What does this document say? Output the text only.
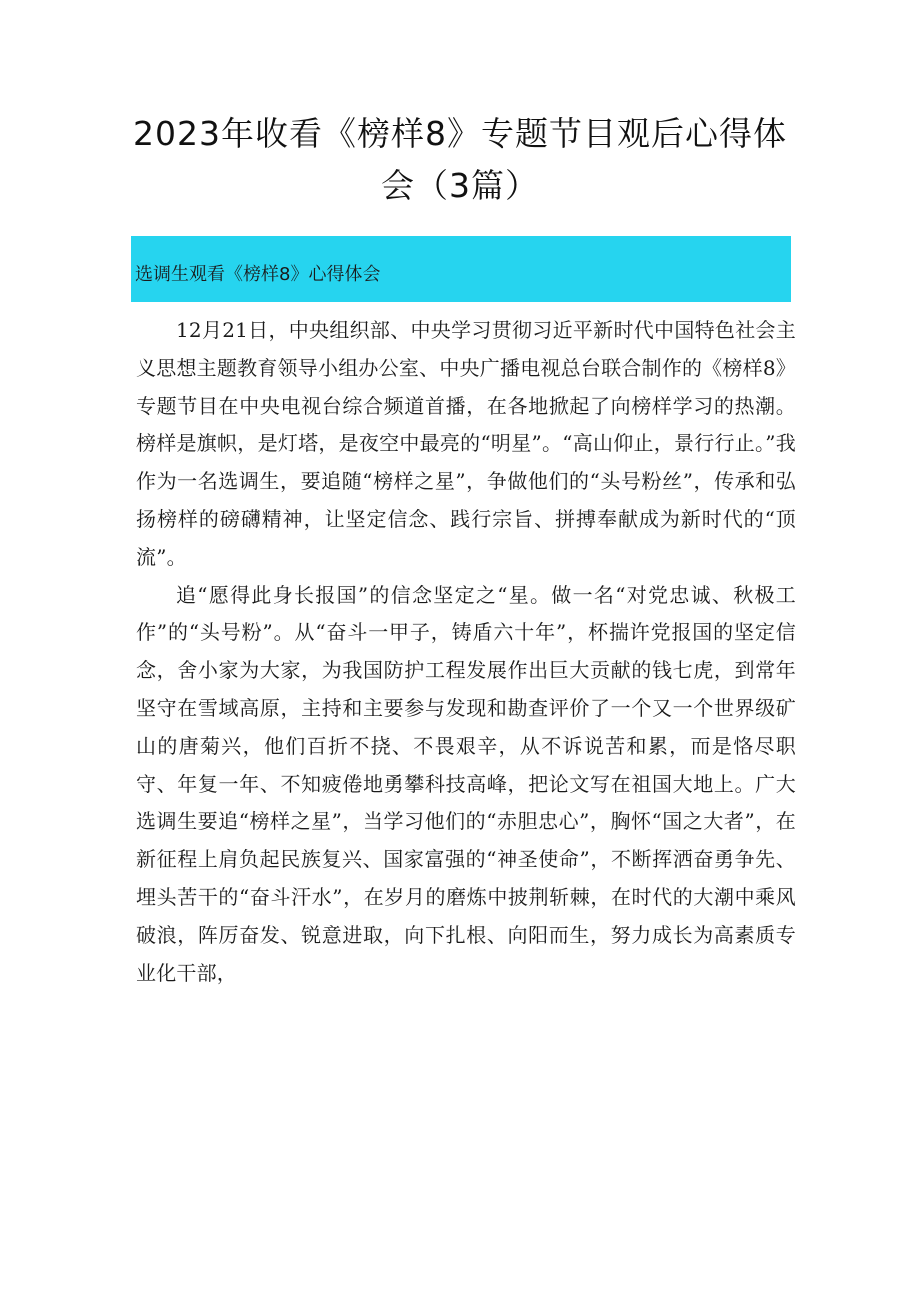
2023年收看《榜样8》专题节目观后心得体会（3篇）
选调生观看《榜样8》心得体会

12月21日，中央组织部、中央学习贯彻习近平新时代中国特色社会主义思想主题教育领导小组办公室、中央广播电视总台联合制作的《榜样8》专题节目在中央电视台综合频道首播，在各地掀起了向榜样学习的热潮。榜样是旗帜，是灯塔，是夜空中最亮的“明星”。“高山仰止，景行行止。”我作为一名选调生，要追随“榜样之星”，争做他们的“头号粉丝”，传承和弘扬榜样的磅礴精神，让坚定信念、践行宗旨、拼搏奉献成为新时代的“顶流”。

追“愿得此身长报国”的信念坚定之“星。做一名“对党忠诚、秋极工作”的“头号粉”。从“奋斗一甲子，铸盾六十年”，杯揣许党报国的坚定信念，舍小家为大家，为我国防护工程发展作出巨大贡献的钱七虎，到常年坚守在雪域高原，主持和主要参与发现和勘查评价了一个又一个世界级矿山的唐菊兴，他们百折不挠、不畏艰辛，从不诉说苦和累，而是恪尽职守、年复一年、不知疲倦地勇攀科技高峰，把论文写在祖国大地上。广大选调生要追“榜样之星”，当学习他们的“赤胆忠心”，胸怀“国之大者”，在新征程上肩负起民族复兴、国家富强的“神圣使命”，不断挥洒奋勇争先、埋头苦干的“奋斗汗水”，在岁月的磨炼中披荆斩棘，在时代的大潮中乘风破浪，阵厉奋发、锐意进取，向下扎根、向阳而生，努力成长为高素质专业化干部，
